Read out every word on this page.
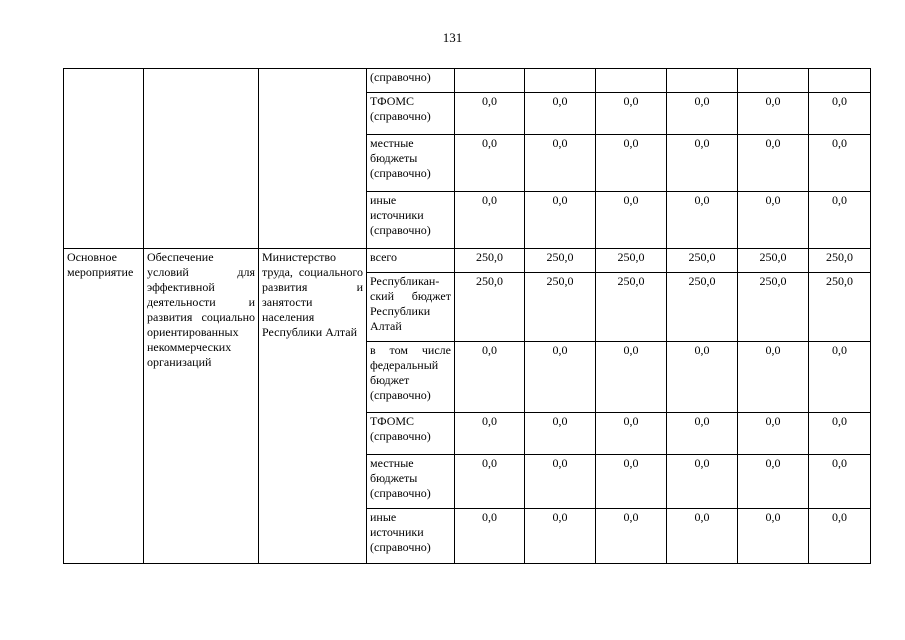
131
			(справочно)						
			ТФОМС (справочно)	0,0	0,0	0,0	0,0	0,0	0,0
			местные бюджеты (справочно)	0,0	0,0	0,0	0,0	0,0	0,0
			иные источники (справочно)	0,0	0,0	0,0	0,0	0,0	0,0
Основное мероприятие	Обеспечение условий для эффективной деятельности и развития социально ориентированных некоммерческих организаций	Министерство труда, социального развития и занятости населения Республики Алтай	всего	250,0	250,0	250,0	250,0	250,0	250,0
			Республикан-ский бюджет Республики Алтай	250,0	250,0	250,0	250,0	250,0	250,0
			в том числе федеральный бюджет (справочно)	0,0	0,0	0,0	0,0	0,0	0,0
			ТФОМС (справочно)	0,0	0,0	0,0	0,0	0,0	0,0
			местные бюджеты (справочно)	0,0	0,0	0,0	0,0	0,0	0,0
			иные источники (справочно)	0,0	0,0	0,0	0,0	0,0	0,0
